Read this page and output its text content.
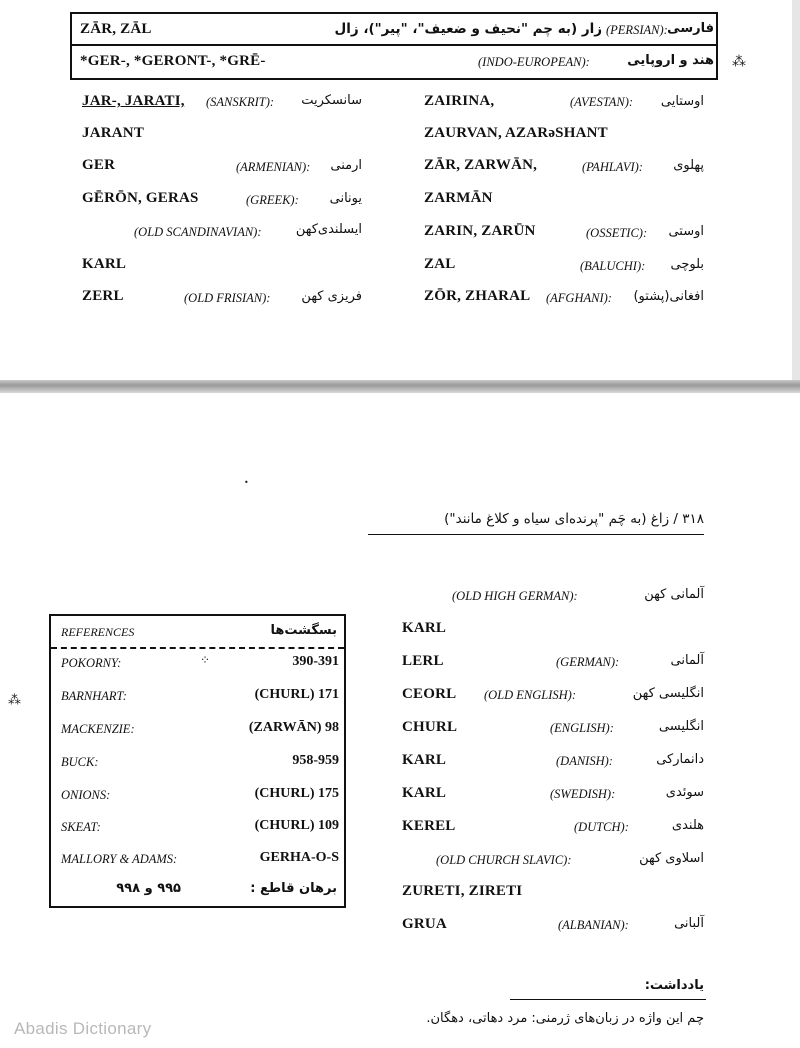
ZĀR, ZĀL	زار (به چم "نحیف و ضعیف"، "پیر")، زال (PERSIAN): فارسی
*GER-, *GERONT-, *GRĒ-	(INDO-EUROPEAN):	هند و اروپایی ⁂
JAR-, JARATI, (SANSKRIT):	سانسکریت
JARANT
GER	(ARMENIAN):	ارمنی
GĒRŌN, GERAS	(GREEK):	یونانی
(OLD SCANDINAVIAN):	ایسلندی‌کهن
KARL
ZERL	(OLD FRISIAN):	فریزی کهن
ZAIRINA,	(AVESTAN):	اوستایی
ZAURVAN, AZARəSHANT
ZĀR, ZARWĀN,	(PAHLAVI):	پهلوی
ZARMĀN
ZARIN, ZARŪN	(OSSETIC):	اوستی
ZAL	(BALUCHI):	بلوچی
ZŌR, ZHARAL (AFGHANI):	افغانی(پشتو)
•
۳۱۸ / زاغ (به چَم "پرنده‌ای سیاه و کلاغ مانند")
(OLD HIGH GERMAN):	آلمانی کهن
KARL
LERL	(GERMAN):	آلمانی
CEORL (OLD ENGLISH):	انگلیسی کهن
CHURL	(ENGLISH):	انگلیسی
KARL	(DANISH):	دانمارکی
KARL	(SWEDISH):	سوئدی
KEREL	(DUTCH):	هلندی
(OLD CHURCH SLAVIC):	اسلاوی کهن
ZURETI, ZIRETI
GRUA	(ALBANIAN):	آلبانی
REFERENCES	بسگشت‌ها
POKORNY:	390-391
BARNHART:	(CHURL) 171
MACKENZIE:	(ZARWĀN) 98
BUCK:	958-959
ONIONS:	(CHURL) 175
SKEAT:	(CHURL) 109
MALLORY & ADAMS:	GERHA-O-S
۹۹۵ و ۹۹۸	برهان قاطع :
⁂
⁘
یادداشت:
چم این واژه در زبان‌های ژرمنی: مرد دهاتی، دهگان.
Abadis Dictionary
